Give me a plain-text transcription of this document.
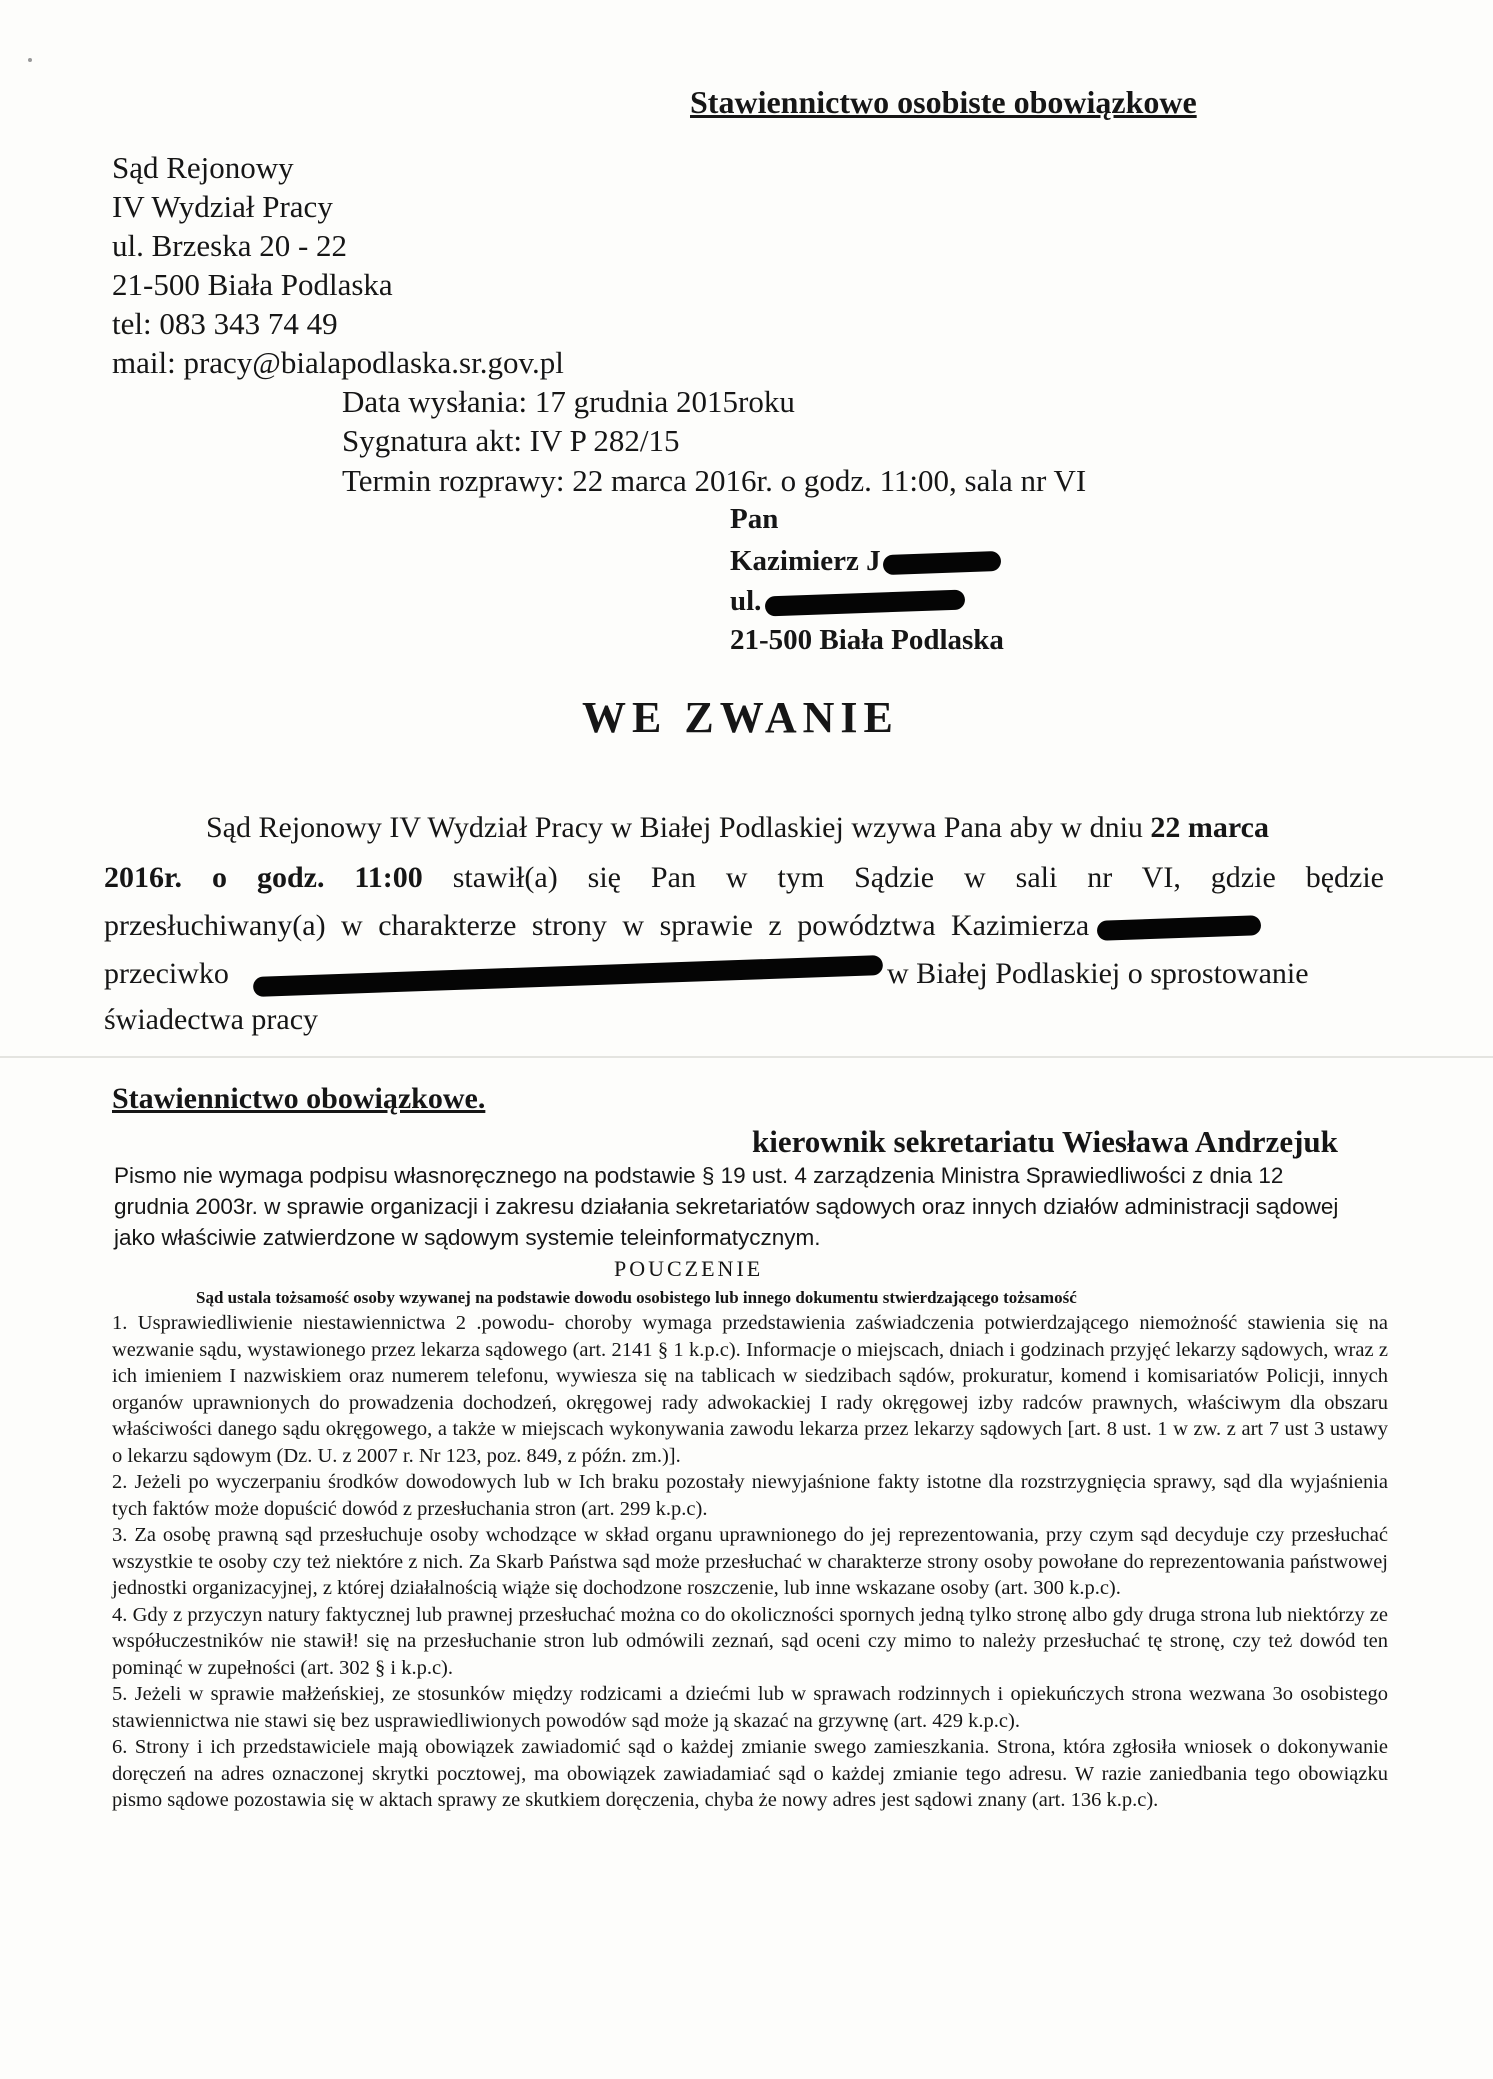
Stawiennictwo osobiste obowiązkowe
Sąd Rejonowy
IV Wydział Pracy
ul. Brzeska 20 - 22
21-500 Biała Podlaska
tel: 083 343 74 49
mail: pracy@bialapodlaska.sr.gov.pl
Data wysłania: 17 grudnia 2015roku
Sygnatura akt: IV P 282/15
Termin rozprawy: 22 marca 2016r. o godz. 11:00, sala nr VI
Pan
Kazimierz J
ul.
21-500 Biała Podlaska
WE ZWANIE
Sąd Rejonowy IV Wydział Pracy w Białej Podlaskiej wzywa Pana aby w dniu 22 marca
2016r. o godz. 11:00 stawił(a) się Pan w tym Sądzie w sali nr VI, gdzie będzie
przesłuchiwany(a) w charakterze strony w sprawie z powództwa Kazimierza
przeciwko	w Białej Podlaskiej o sprostowanie
świadectwa pracy
Stawiennictwo obowiązkowe.
kierownik sekretariatu Wiesława Andrzejuk
Pismo nie wymaga podpisu własnoręcznego na podstawie § 19 ust. 4 zarządzenia Ministra Sprawiedliwości z dnia 12 grudnia 2003r. w sprawie organizacji i zakresu działania sekretariatów sądowych oraz innych działów administracji sądowej jako właściwie zatwierdzone w sądowym systemie teleinformatycznym.
POUCZENIE
Sąd ustala tożsamość osoby wzywanej na podstawie dowodu osobistego lub innego dokumentu stwierdzającego tożsamość

1. Usprawiedliwienie niestawiennictwa 2 .powodu- choroby wymaga przedstawienia zaświadczenia potwierdzającego niemożność stawienia się na wezwanie sądu, wystawionego przez lekarza sądowego (art. 2141 § 1 k.p.c). Informacje o miejscach, dniach i godzinach przyjęć lekarzy sądowych, wraz z ich imieniem I nazwiskiem oraz numerem telefonu, wywiesza się na tablicach w siedzibach sądów, prokuratur, komend i komisariatów Policji, innych organów uprawnionych do prowadzenia dochodzeń, okręgowej rady adwokackiej I rady okręgowej izby radców prawnych, właściwym dla obszaru właściwości danego sądu okręgowego, a także w miejscach wykonywania zawodu lekarza przez lekarzy sądowych [art. 8 ust. 1 w zw. z art 7 ust 3 ustawy o lekarzu sądowym (Dz. U. z 2007 r. Nr 123, poz. 849, z późn. zm.)].

2. Jeżeli po wyczerpaniu środków dowodowych lub w Ich braku pozostały niewyjaśnione fakty istotne dla rozstrzygnięcia sprawy, sąd dla wyjaśnienia tych faktów może dopuścić dowód z przesłuchania stron (art. 299 k.p.c).

3. Za osobę prawną sąd przesłuchuje osoby wchodzące w skład organu uprawnionego do jej reprezentowania, przy czym sąd decyduje czy przesłuchać wszystkie te osoby czy też niektóre z nich. Za Skarb Państwa sąd może przesłuchać w charakterze strony osoby powołane do reprezentowania państwowej jednostki organizacyjnej, z której działalnością wiąże się dochodzone roszczenie, lub inne wskazane osoby (art. 300 k.p.c).

4. Gdy z przyczyn natury faktycznej lub prawnej przesłuchać można co do okoliczności spornych jedną tylko stronę albo gdy druga strona lub niektórzy ze współuczestników nie stawił! się na przesłuchanie stron lub odmówili zeznań, sąd oceni czy mimo to należy przesłuchać tę stronę, czy też dowód ten pominąć w zupełności (art. 302 § i k.p.c).

5. Jeżeli w sprawie małżeńskiej, ze stosunków między rodzicami a dziećmi lub w sprawach rodzinnych i opiekuńczych strona wezwana 3o osobistego stawiennictwa nie stawi się bez usprawiedliwionych powodów sąd może ją skazać na grzywnę (art. 429 k.p.c).

6. Strony i ich przedstawiciele mają obowiązek zawiadomić sąd o każdej zmianie swego zamieszkania. Strona, która zgłosiła wniosek o dokonywanie doręczeń na adres oznaczonej skrytki pocztowej, ma obowiązek zawiadamiać sąd o każdej zmianie tego adresu. W razie zaniedbania tego obowiązku pismo sądowe pozostawia się w aktach sprawy ze skutkiem doręczenia, chyba że nowy adres jest sądowi znany (art. 136 k.p.c).
